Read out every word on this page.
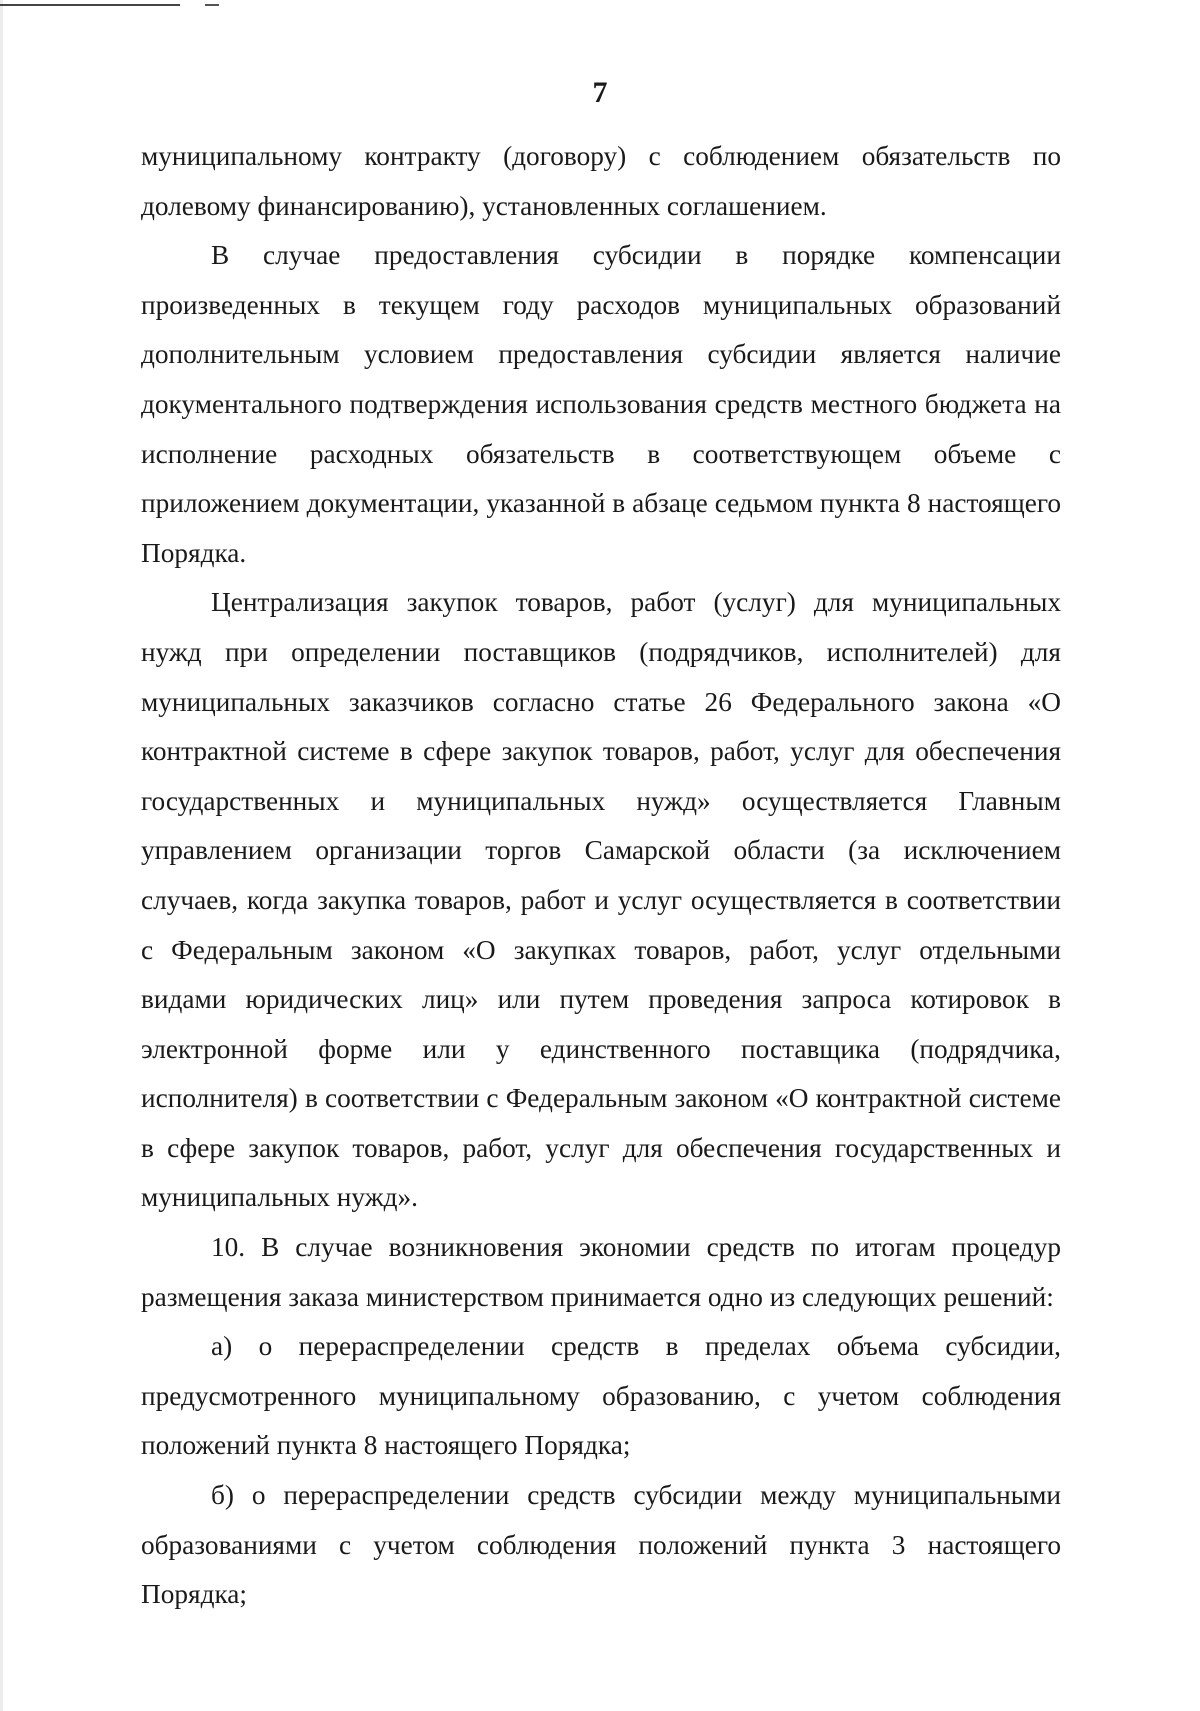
7

муниципальному контракту (договору) с соблюдением обязательств по долевому финансированию), установленных соглашением.

В случае предоставления субсидии в порядке компенсации произведенных в текущем году расходов муниципальных образований дополнительным условием предоставления субсидии является наличие документального подтверждения использования средств местного бюджета на исполнение расходных обязательств в соответствующем объеме с приложением документации, указанной в абзаце седьмом пункта 8 настоящего Порядка.

Централизация закупок товаров, работ (услуг) для муниципальных нужд при определении поставщиков (подрядчиков, исполнителей) для муниципальных заказчиков согласно статье 26 Федерального закона «О контрактной системе в сфере закупок товаров, работ, услуг для обеспечения государственных и муниципальных нужд» осуществляется Главным управлением организации торгов Самарской области (за исключением случаев, когда закупка товаров, работ и услуг осуществляется в соответствии с Федеральным законом «О закупках товаров, работ, услуг отдельными видами юридических лиц» или путем проведения запроса котировок в электронной форме или у единственного поставщика (подрядчика, исполнителя) в соответствии с Федеральным законом «О контрактной системе в сфере закупок товаров, работ, услуг для обеспечения государственных и муниципальных нужд».

10. В случае возникновения экономии средств по итогам процедур размещения заказа министерством принимается одно из следующих решений:

а) о перераспределении средств в пределах объема субсидии, предусмотренного муниципальному образованию, с учетом соблюдения положений пункта 8 настоящего Порядка;

б) о перераспределении средств субсидии между муниципальными образованиями с учетом соблюдения положений пункта 3 настоящего Порядка;
